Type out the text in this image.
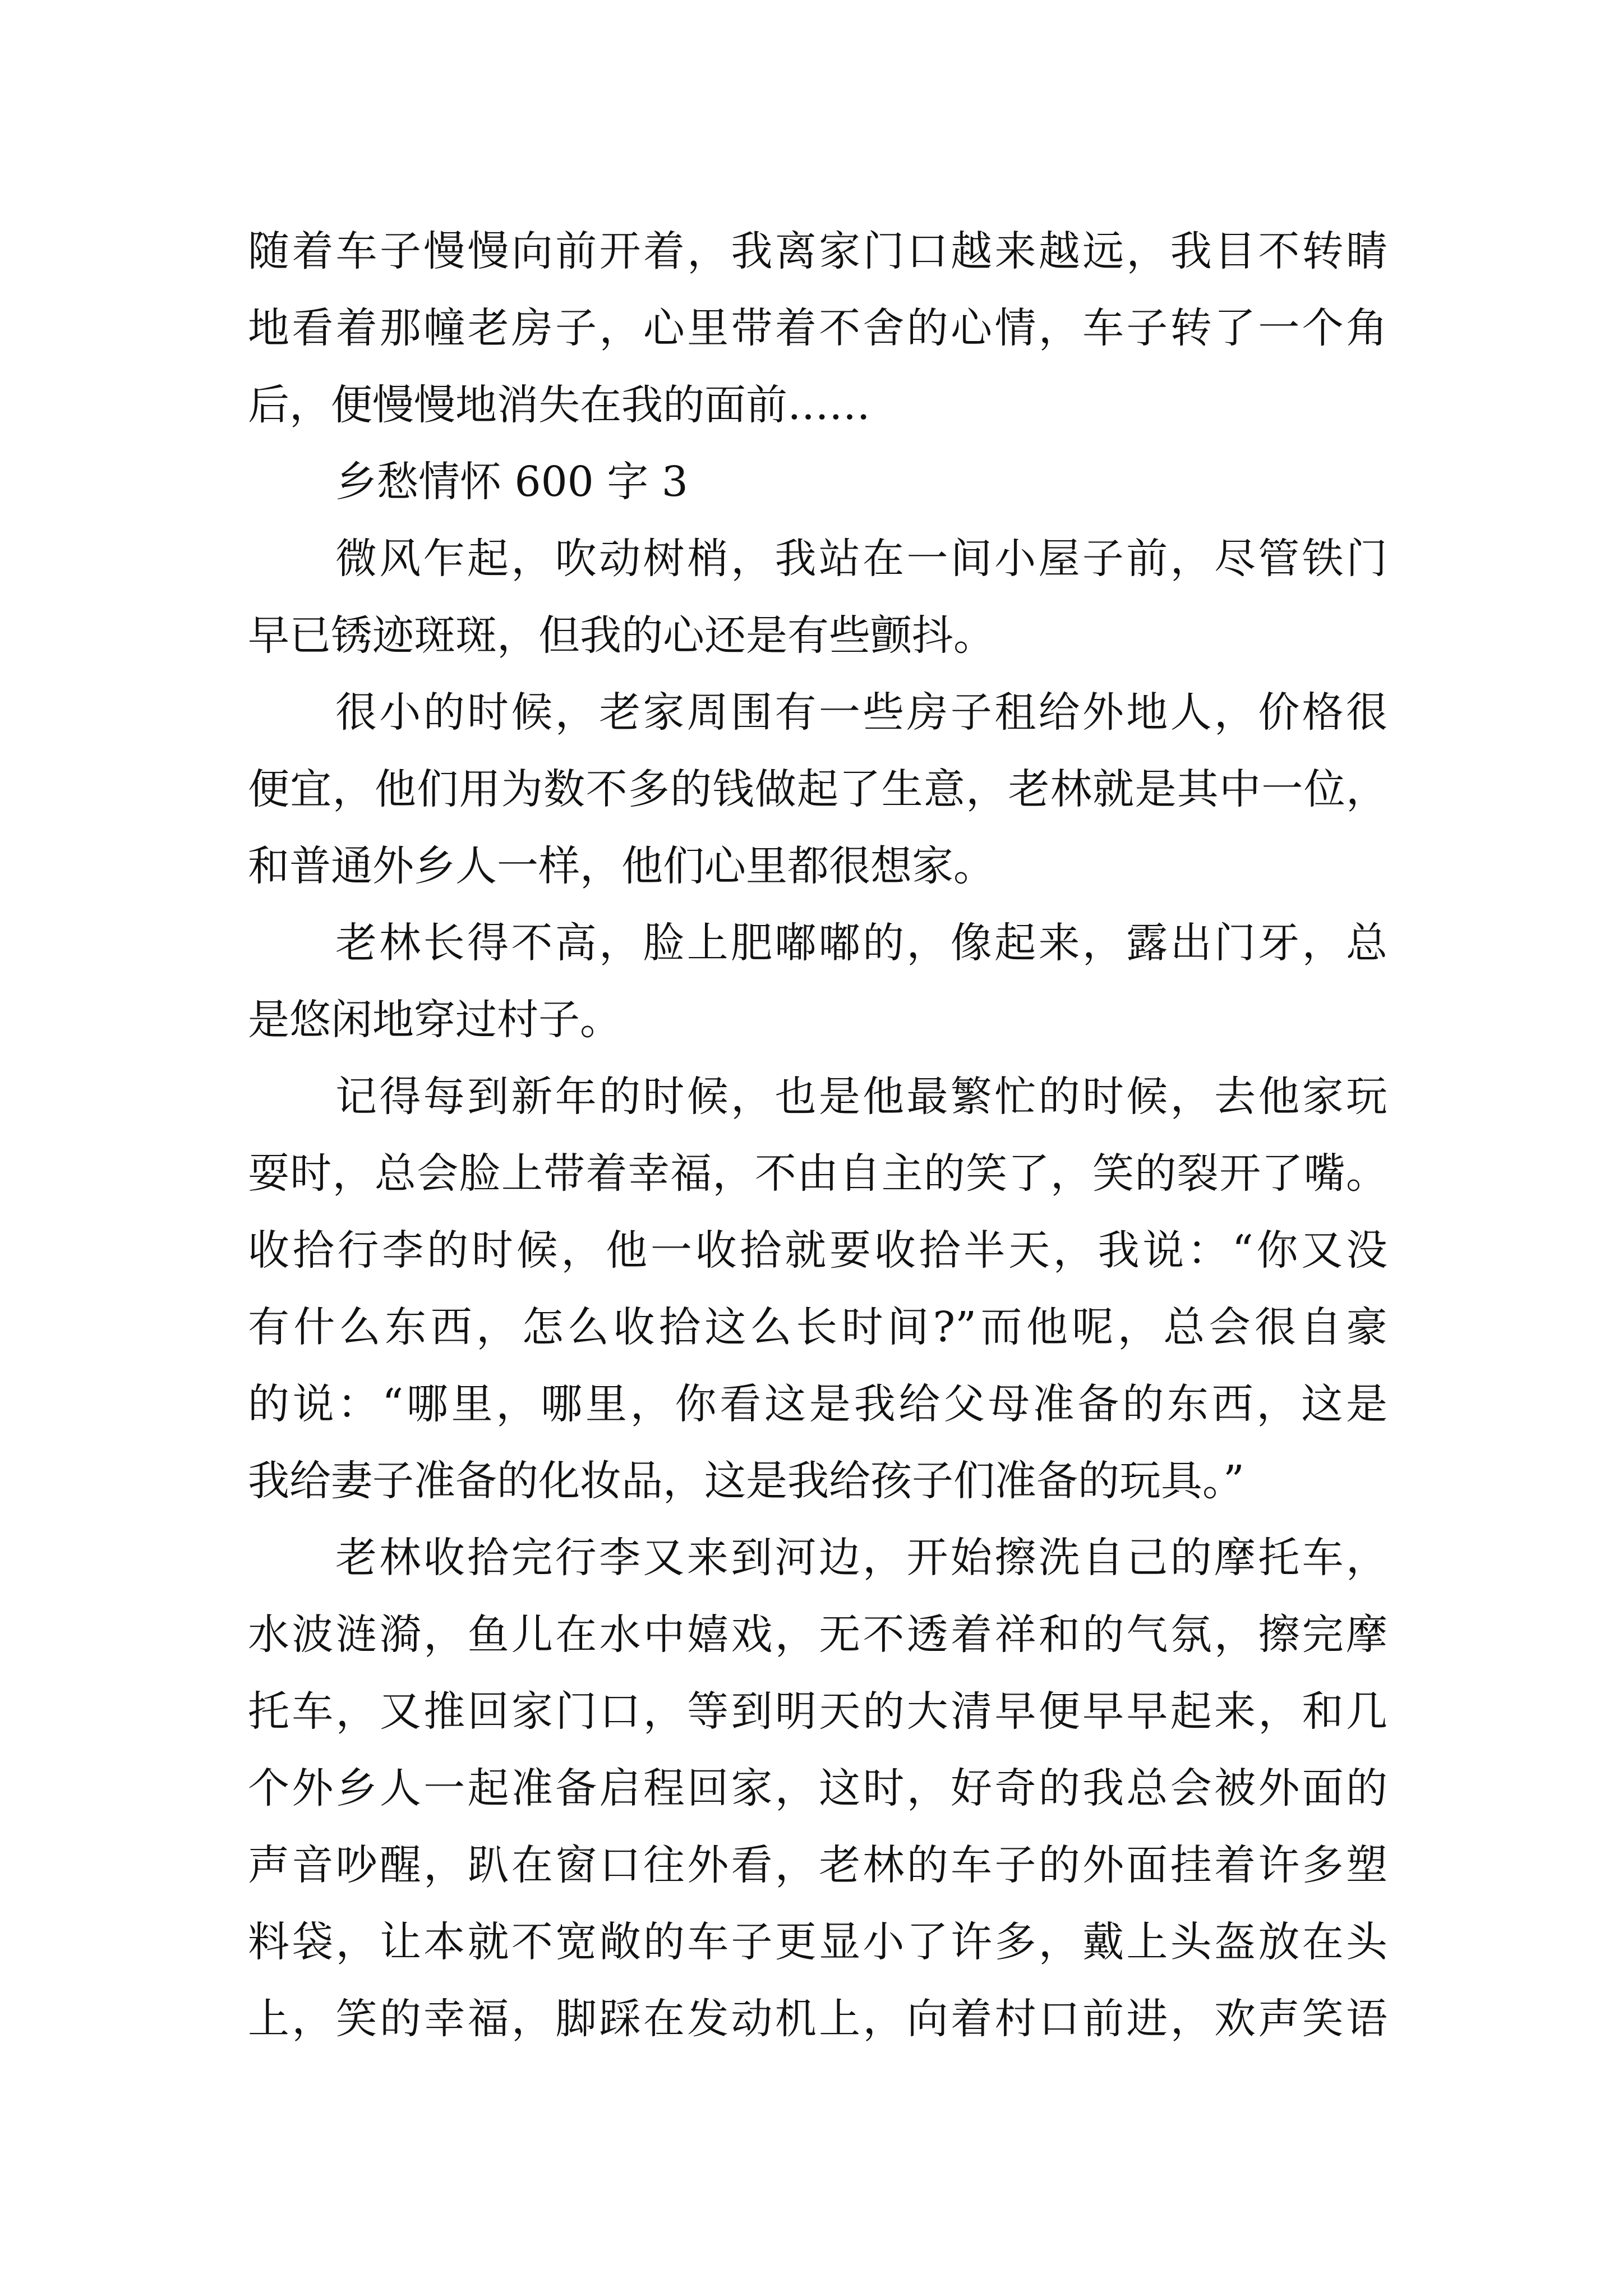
随着车子慢慢向前开着，我离家门口越来越远，我目不转睛
地看着那幢老房子，心里带着不舍的心情，车子转了一个角
后，便慢慢地消失在我的面前……
乡愁情怀 600 字 3
微风乍起，吹动树梢，我站在一间小屋子前，尽管铁门
早已锈迹斑斑，但我的心还是有些颤抖。
很小的时候，老家周围有一些房子租给外地人，价格很
便宜，他们用为数不多的钱做起了生意，老林就是其中一位，
和普通外乡人一样，他们心里都很想家。
老林长得不高，脸上肥嘟嘟的，像起来，露出门牙，总
是悠闲地穿过村子。
记得每到新年的时候，也是他最繁忙的时候，去他家玩
耍时，总会脸上带着幸福，不由自主的笑了，笑的裂开了嘴。
收拾行李的时候，他一收拾就要收拾半天，我说：“你又没
有什么东西，怎么收拾这么长时间?”而他呢，总会很自豪
的说：“哪里，哪里，你看这是我给父母准备的东西，这是
我给妻子准备的化妆品，这是我给孩子们准备的玩具。”
老林收拾完行李又来到河边，开始擦洗自己的摩托车，
水波涟漪，鱼儿在水中嬉戏，无不透着祥和的气氛，擦完摩
托车，又推回家门口，等到明天的大清早便早早起来，和几
个外乡人一起准备启程回家，这时，好奇的我总会被外面的
声音吵醒，趴在窗口往外看，老林的车子的外面挂着许多塑
料袋，让本就不宽敞的车子更显小了许多，戴上头盔放在头
上，笑的幸福，脚踩在发动机上，向着村口前进，欢声笑语
